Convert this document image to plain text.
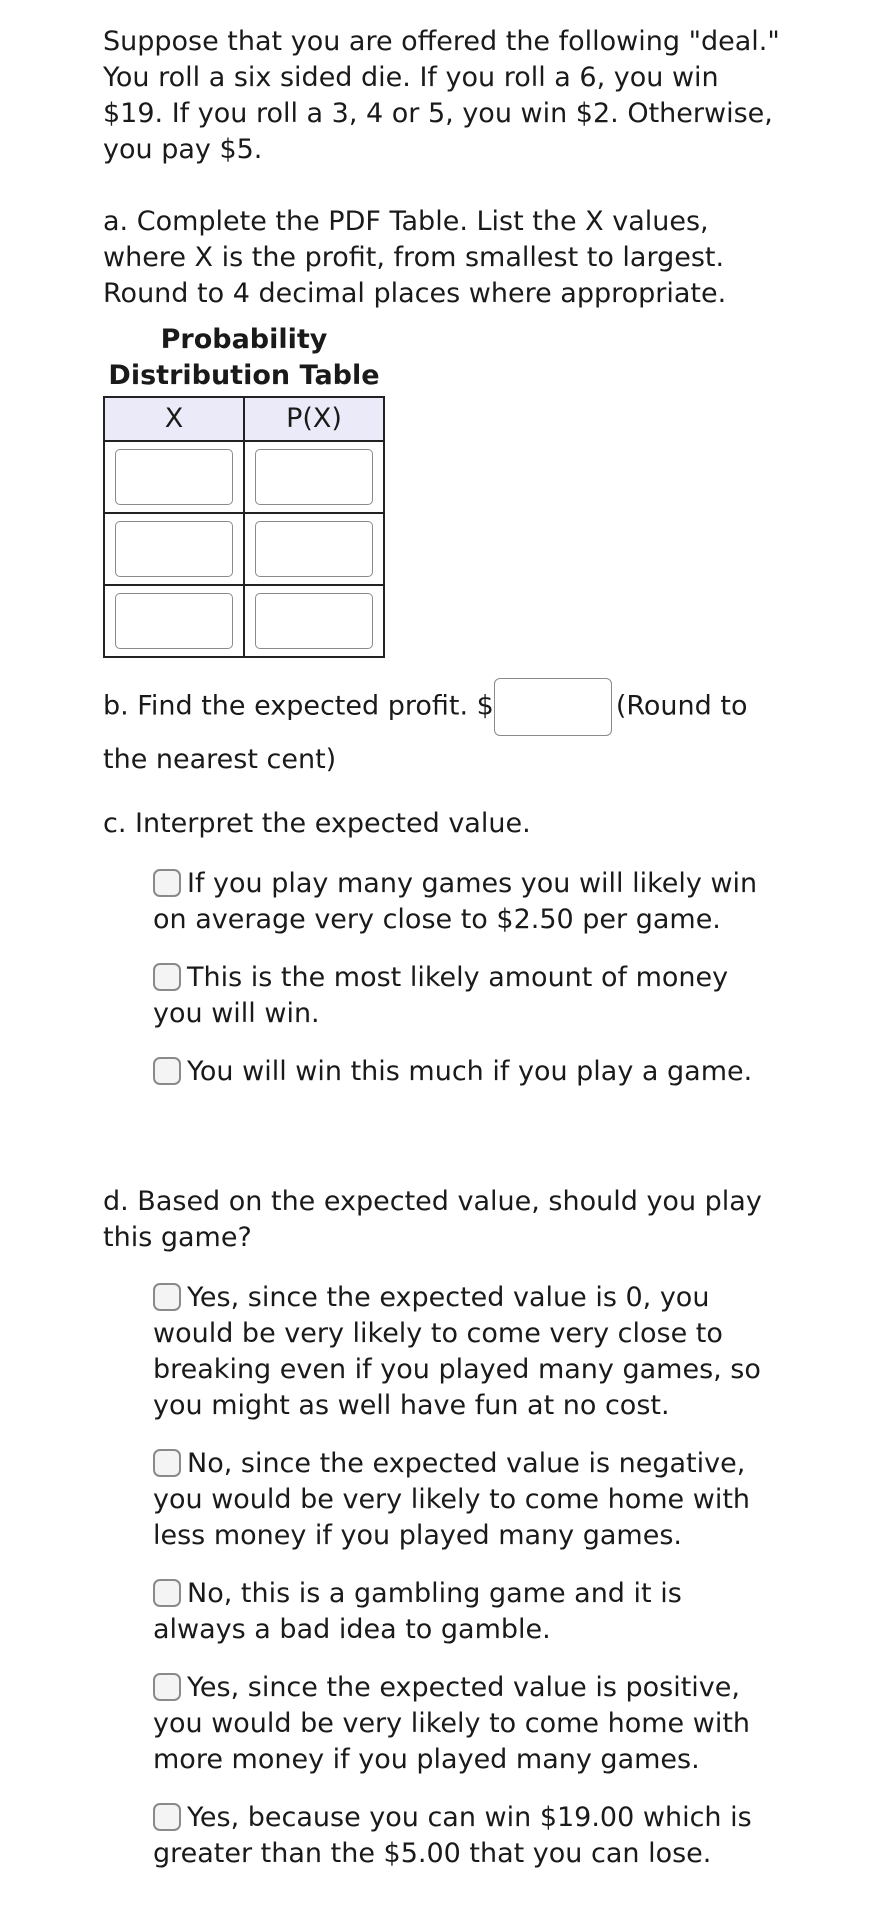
Suppose that you are offered the following "deal." You roll a six sided die. If you roll a 6, you win $19. If you roll a 3, 4 or 5, you win $2. Otherwise, you pay $5.

a. Complete the PDF Table. List the X values, where X is the profit, from smallest to largest. Round to 4 decimal places where appropriate.

Probability
Distribution Table
X	P(X)

b. Find the expected profit. $	(Round to the nearest cent)

c. Interpret the expected value.

If you play many games you will likely win on average very close to $2.50 per game.
This is the most likely amount of money you will win.
You will win this much if you play a game.

d. Based on the expected value, should you play this game?

Yes, since the expected value is 0, you would be very likely to come very close to breaking even if you played many games, so you might as well have fun at no cost.
No, since the expected value is negative, you would be very likely to come home with less money if you played many games.
No, this is a gambling game and it is always a bad idea to gamble.
Yes, since the expected value is positive, you would be very likely to come home with more money if you played many games.
Yes, because you can win $19.00 which is greater than the $5.00 that you can lose.
